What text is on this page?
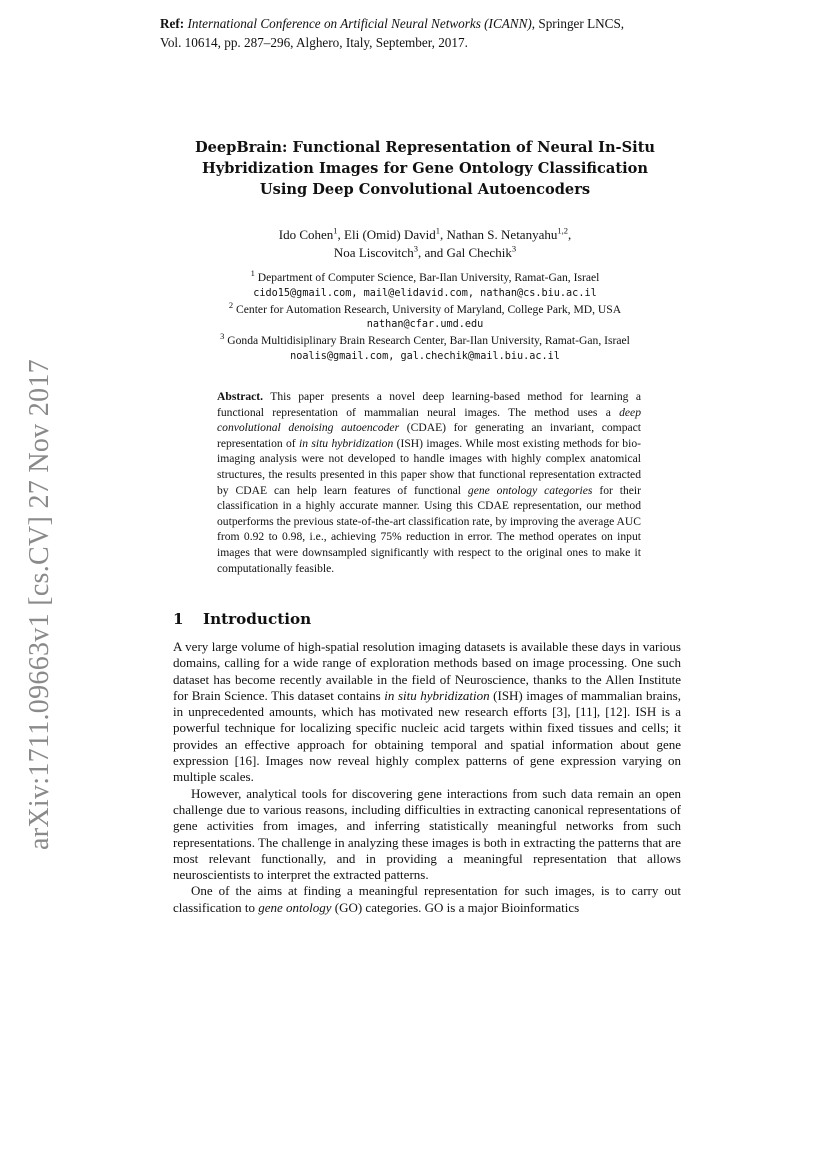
Ref: International Conference on Artificial Neural Networks (ICANN), Springer LNCS,
Vol. 10614, pp. 287–296, Alghero, Italy, September, 2017.
arXiv:1711.09663v1 [cs.CV] 27 Nov 2017
DeepBrain: Functional Representation of Neural In-Situ
Hybridization Images for Gene Ontology Classification
Using Deep Convolutional Autoencoders
Ido Cohen$^1$, Eli (Omid) David$^1$, Nathan S. Netanyahu$^{1,2}$,
Noa Liscovitch$^3$, and Gal Chechik$^3$
$^1$ Department of Computer Science, Bar-Ilan University, Ramat-Gan, Israel
cido15@gmail.com, mail@elidavid.com, nathan@cs.biu.ac.il
$^2$ Center for Automation Research, University of Maryland, College Park, MD, USA
nathan@cfar.umd.edu
$^3$ Gonda Multidisiplinary Brain Research Center, Bar-Ilan University, Ramat-Gan, Israel
noalis@gmail.com, gal.chechik@mail.biu.ac.il
Abstract. This paper presents a novel deep learning-based method for learning a functional representation of mammalian neural images. The method uses a deep convolutional denoising autoencoder (CDAE) for generating an invariant, compact representation of in situ hybridization (ISH) images. While most existing methods for bio-imaging analysis were not developed to handle images with highly complex anatomical structures, the results presented in this paper show that functional representation extracted by CDAE can help learn features of functional gene ontology categories for their classification in a highly accurate manner. Using this CDAE representation, our method outperforms the previous state-of-the-art classification rate, by improving the average AUC from 0.92 to 0.98, i.e., achieving 75% reduction in error. The method operates on input images that were downsampled significantly with respect to the original ones to make it computationally feasible.
1 Introduction

A very large volume of high-spatial resolution imaging datasets is available these days in various domains, calling for a wide range of exploration methods based on image processing. One such dataset has become recently available in the field of Neuroscience, thanks to the Allen Institute for Brain Science. This dataset contains in situ hybridization (ISH) images of mammalian brains, in unprecedented amounts, which has motivated new research efforts [3], [11], [12]. ISH is a powerful technique for localizing specific nucleic acid targets within fixed tissues and cells; it provides an effective approach for obtaining temporal and spatial information about gene expression [16]. Images now reveal highly complex patterns of gene expression varying on multiple scales.

However, analytical tools for discovering gene interactions from such data remain an open challenge due to various reasons, including difficulties in extracting canonical representations of gene activities from images, and inferring statistically meaningful networks from such representations. The challenge in analyzing these images is both in extracting the patterns that are most relevant functionally, and in providing a meaningful representation that allows neuroscientists to interpret the extracted patterns.

One of the aims at finding a meaningful representation for such images, is to carry out classification to gene ontology (GO) categories. GO is a major Bioinformatics
